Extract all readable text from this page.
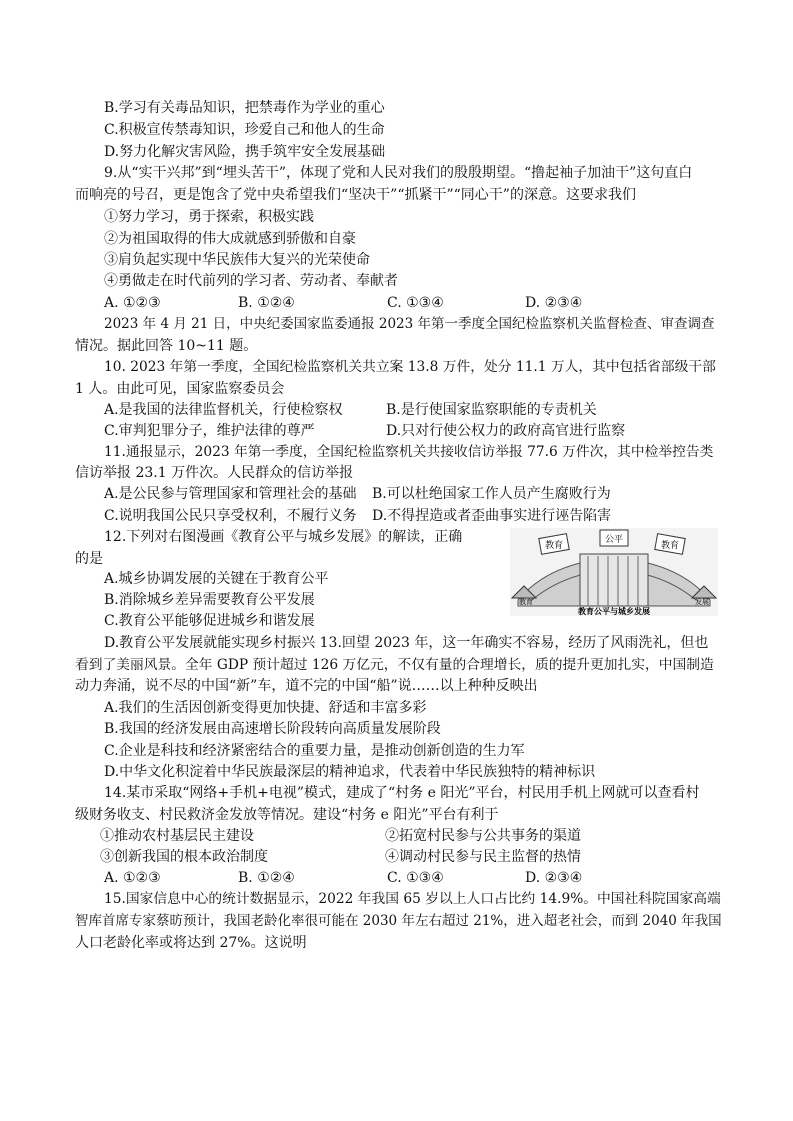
B.学习有关毒品知识，把禁毒作为学业的重心
C.积极宣传禁毒知识，珍爱自己和他人的生命
D.努力化解灾害风险，携手筑牢安全发展基础
9.从“实干兴邦”到“埋头苦干”，体现了党和人民对我们的殷殷期望。“撸起袖子加油干”这句直白
而响亮的号召，更是饱含了党中央希望我们“坚决干”“抓紧干”“同心干”的深意。这要求我们
①努力学习，勇于探索，积极实践
②为祖国取得的伟大成就感到骄傲和自豪
③肩负起实现中华民族伟大复兴的光荣使命
④勇做走在时代前列的学习者、劳动者、奉献者
A. ①②③	B. ①②④	C. ①③④	D. ②③④
2023 年 4 月 21 日，中央纪委国家监委通报 2023 年第一季度全国纪检监察机关监督检查、审查调查
情况。据此回答 10~11 题。
10. 2023 年第一季度，全国纪检监察机关共立案 13.8 万件，处分 11.1 万人，其中包括省部级干部
1 人。由此可见，国家监察委员会
A.是我国的法律监督机关，行使检察权	B.是行使国家监察职能的专责机关
C.审判犯罪分子，维护法律的尊严	D.只对行使公权力的政府高官进行监察
11.通报显示，2023 年第一季度，全国纪检监察机关共接收信访举报 77.6 万件次，其中检举控告类
信访举报 23.1 万件次。人民群众的信访举报
A.是公民参与管理国家和管理社会的基础 B.可以杜绝国家工作人员产生腐败行为
C.说明我国公民只享受权利，不履行义务 D.不得捏造或者歪曲事实进行诬告陷害
12.下列对右图漫画《教育公平与城乡发展》的解读，正确
的是
A.城乡协调发展的关键在于教育公平
B.消除城乡差异需要教育公平发展
C.教育公平能够促进城乡和谐发展
教育
公平
教育
教育	发展
教育公平与城乡发展
D.教育公平发展就能实现乡村振兴 13.回望 2023 年，这一年确实不容易，经历了风雨洗礼，但也
看到了美丽风景。全年 GDP 预计超过 126 万亿元，不仅有量的合理增长，质的提升更加扎实，中国制造
动力奔涌，说不尽的中国“新”车，道不完的中国“船”说……以上种种反映出
A.我们的生活因创新变得更加快捷、舒适和丰富多彩
B.我国的经济发展由高速增长阶段转向高质量发展阶段
C.企业是科技和经济紧密结合的重要力量，是推动创新创造的生力军
D.中华文化积淀着中华民族最深层的精神追求，代表着中华民族独特的精神标识
14.某市采取“网络+手机+电视”模式，建成了“村务 e 阳光”平台，村民用手机上网就可以查看村
级财务收支、村民救济金发放等情况。建设“村务 e 阳光”平台有利于
①推动农村基层民主建设	②拓宽村民参与公共事务的渠道
③创新我国的根本政治制度	④调动村民参与民主监督的热情
A. ①②③	B. ①②④	C. ①③④	D. ②③④
15.国家信息中心的统计数据显示，2022 年我国 65 岁以上人口占比约 14.9%。中国社科院国家高端
智库首席专家蔡昉预计，我国老龄化率很可能在 2030 年左右超过 21%，进入超老社会，而到 2040 年我国
人口老龄化率或将达到 27%。这说明
